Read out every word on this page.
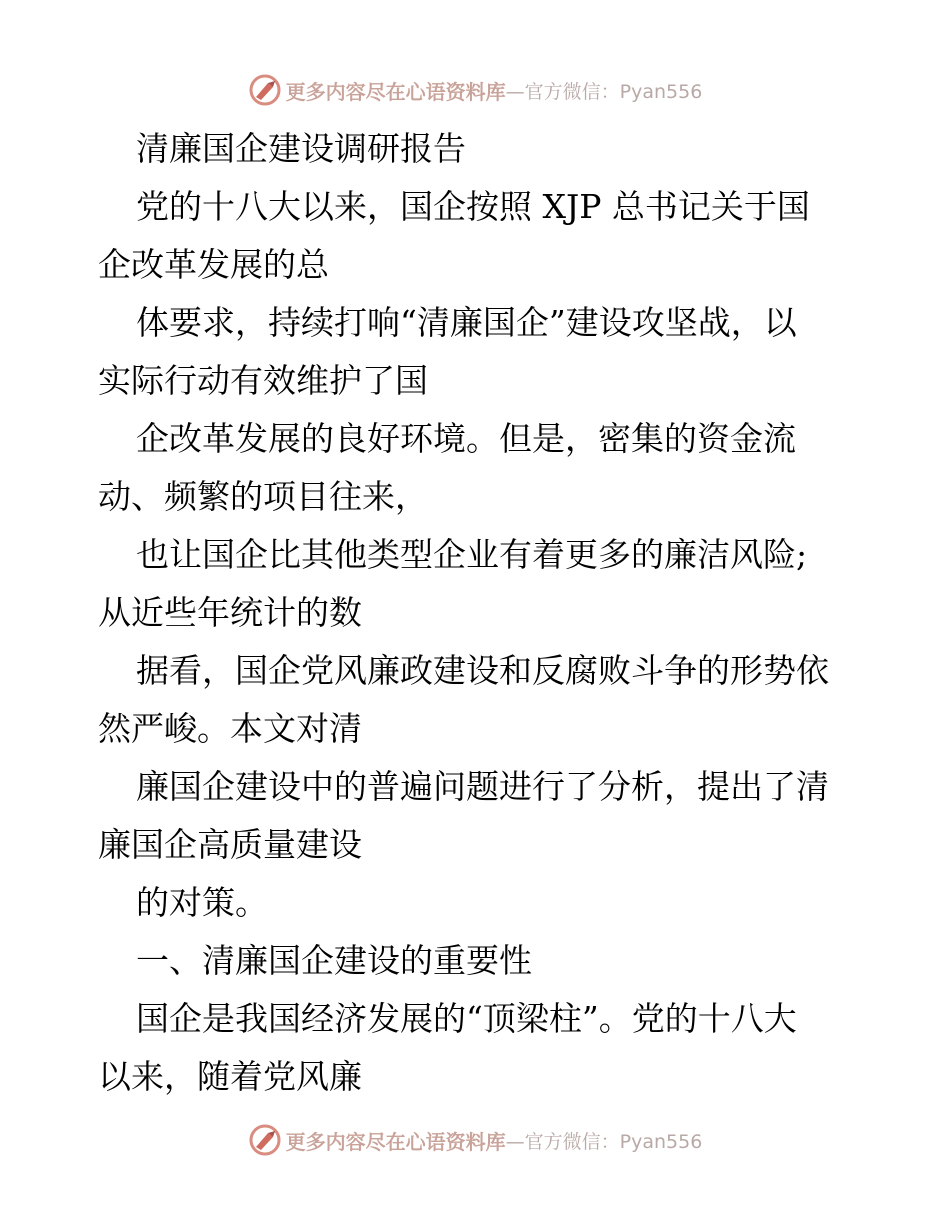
更多内容尽在心语资料库 —官方微信：Pyan556
清廉国企建设调研报告
党的十八大以来，国企按照 XJP 总书记关于国
企改革发展的总
体要求，持续打响“清廉国企”建设攻坚战，以
实际行动有效维护了国
企改革发展的良好环境。但是，密集的资金流
动、频繁的项目往来，
也让国企比其他类型企业有着更多的廉洁风险;
从近些年统计的数
据看，国企党风廉政建设和反腐败斗争的形势依
然严峻。本文对清
廉国企建设中的普遍问题进行了分析，提出了清
廉国企高质量建设
的对策。
一、清廉国企建设的重要性
国企是我国经济发展的“顶梁柱”。党的十八大
以来，随着党风廉
更多内容尽在心语资料库 —官方微信：Pyan556
